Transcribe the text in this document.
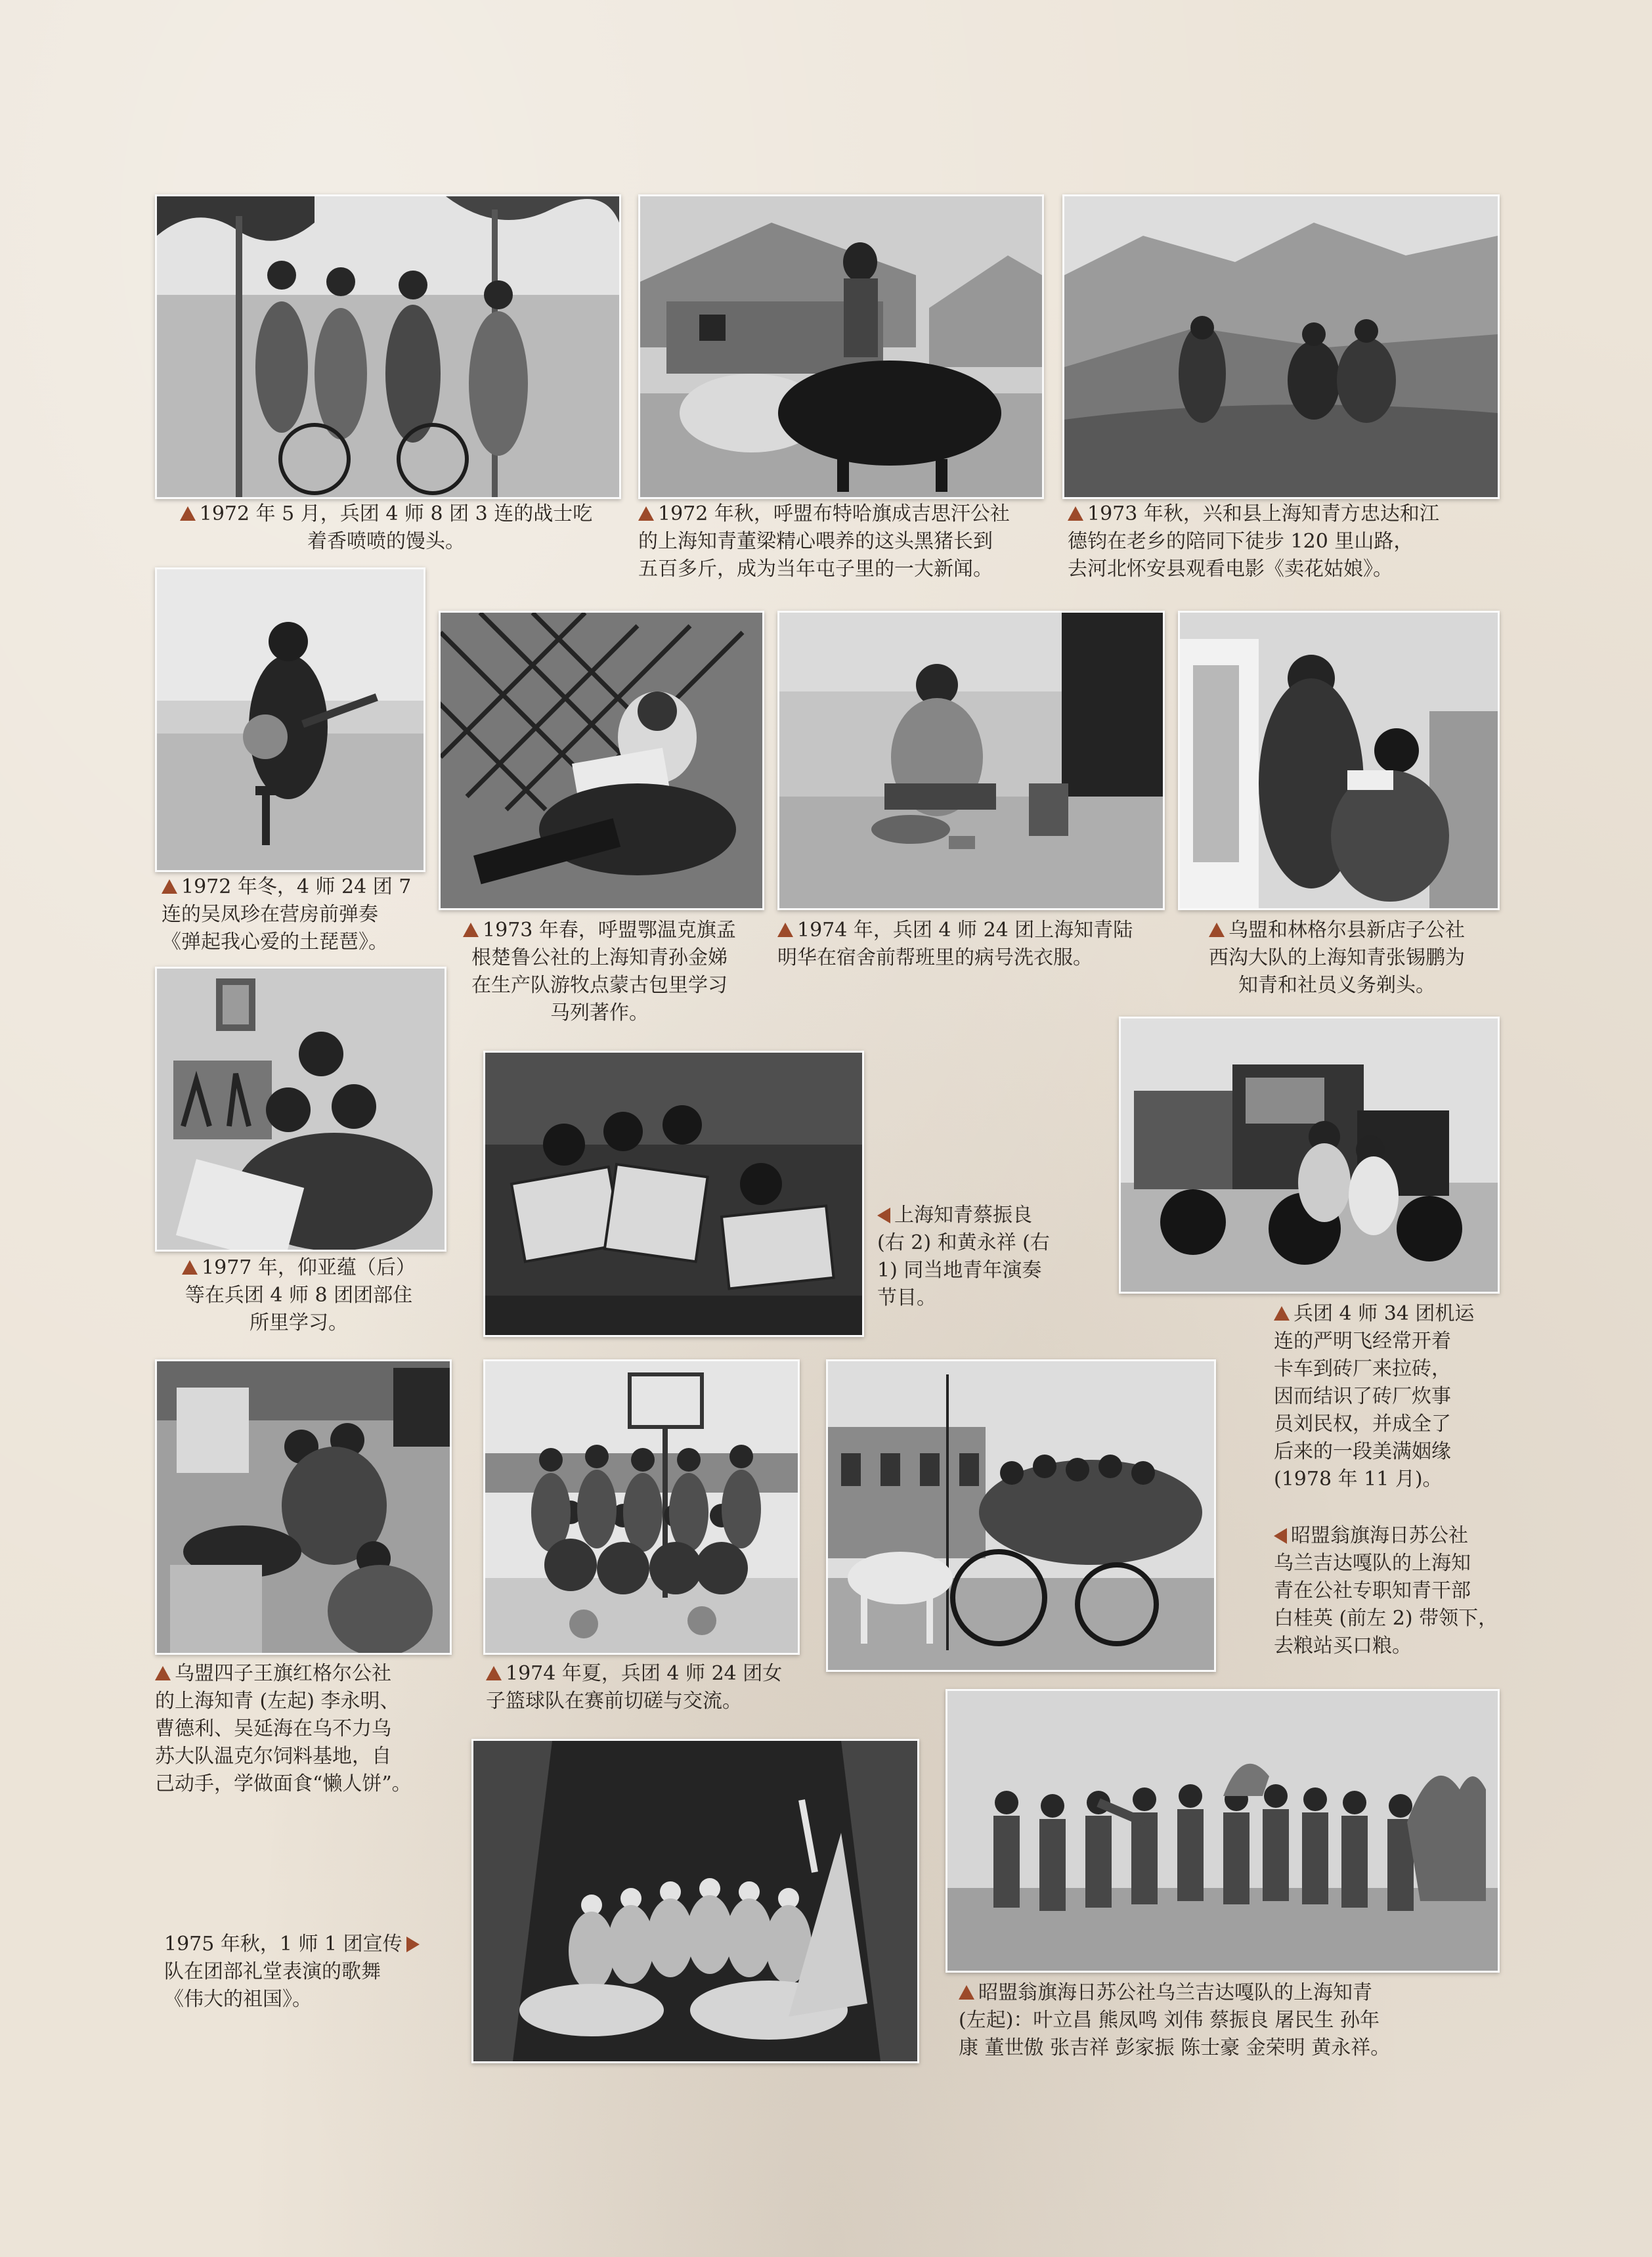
1972 年 5 月，兵团 4 师 8 团 3 连的战士吃
着香喷喷的馒头。

1972 年秋，呼盟布特哈旗成吉思汗公社
的上海知青董梁精心喂养的这头黑猪长到
五百多斤，成为当年屯子里的一大新闻。

1973 年秋，兴和县上海知青方忠达和江
德钧在老乡的陪同下徒步 120 里山路，
去河北怀安县观看电影《卖花姑娘》。

1972 年冬，4 师 24 团 7
连的吴凤珍在营房前弹奏
《弹起我心爱的土琵琶》。

1973 年春，呼盟鄂温克旗孟
根楚鲁公社的上海知青孙金娣
在生产队游牧点蒙古包里学习
马列著作。

1974 年，兵团 4 师 24 团上海知青陆
明华在宿舍前帮班里的病号洗衣服。

乌盟和林格尔县新店子公社
西沟大队的上海知青张锡鹏为
知青和社员义务剃头。

1977 年，仰亚蕴（后）
等在兵团 4 师 8 团团部住
所里学习。

上海知青蔡振良
(右 2) 和黄永祥 (右
1) 同当地青年演奏
节目。

兵团 4 师 34 团机运
连的严明飞经常开着
卡车到砖厂来拉砖，
因而结识了砖厂炊事
员刘民权，并成全了
后来的一段美满姻缘
(1978 年 11 月)。

乌盟四子王旗红格尔公社
的上海知青 (左起) 李永明、
曹德利、吴延海在乌不力乌
苏大队温克尔饲料基地，自
己动手，学做面食“懒人饼”。

1974 年夏，兵团 4 师 24 团女
子篮球队在赛前切磋与交流。

昭盟翁旗海日苏公社
乌兰吉达嘎队的上海知
青在公社专职知青干部
白桂英 (前左 2) 带领下，
去粮站买口粮。

1975 年秋，1 师 1 团宣传
队在团部礼堂表演的歌舞
《伟大的祖国》。	昭盟翁旗海日苏公社乌兰吉达嘎队的上海知青
(左起)：叶立昌 熊凤鸣 刘伟 蔡振良 屠民生 孙年
康 董世傲 张吉祥 彭家振 陈士豪 金荣明 黄永祥。
